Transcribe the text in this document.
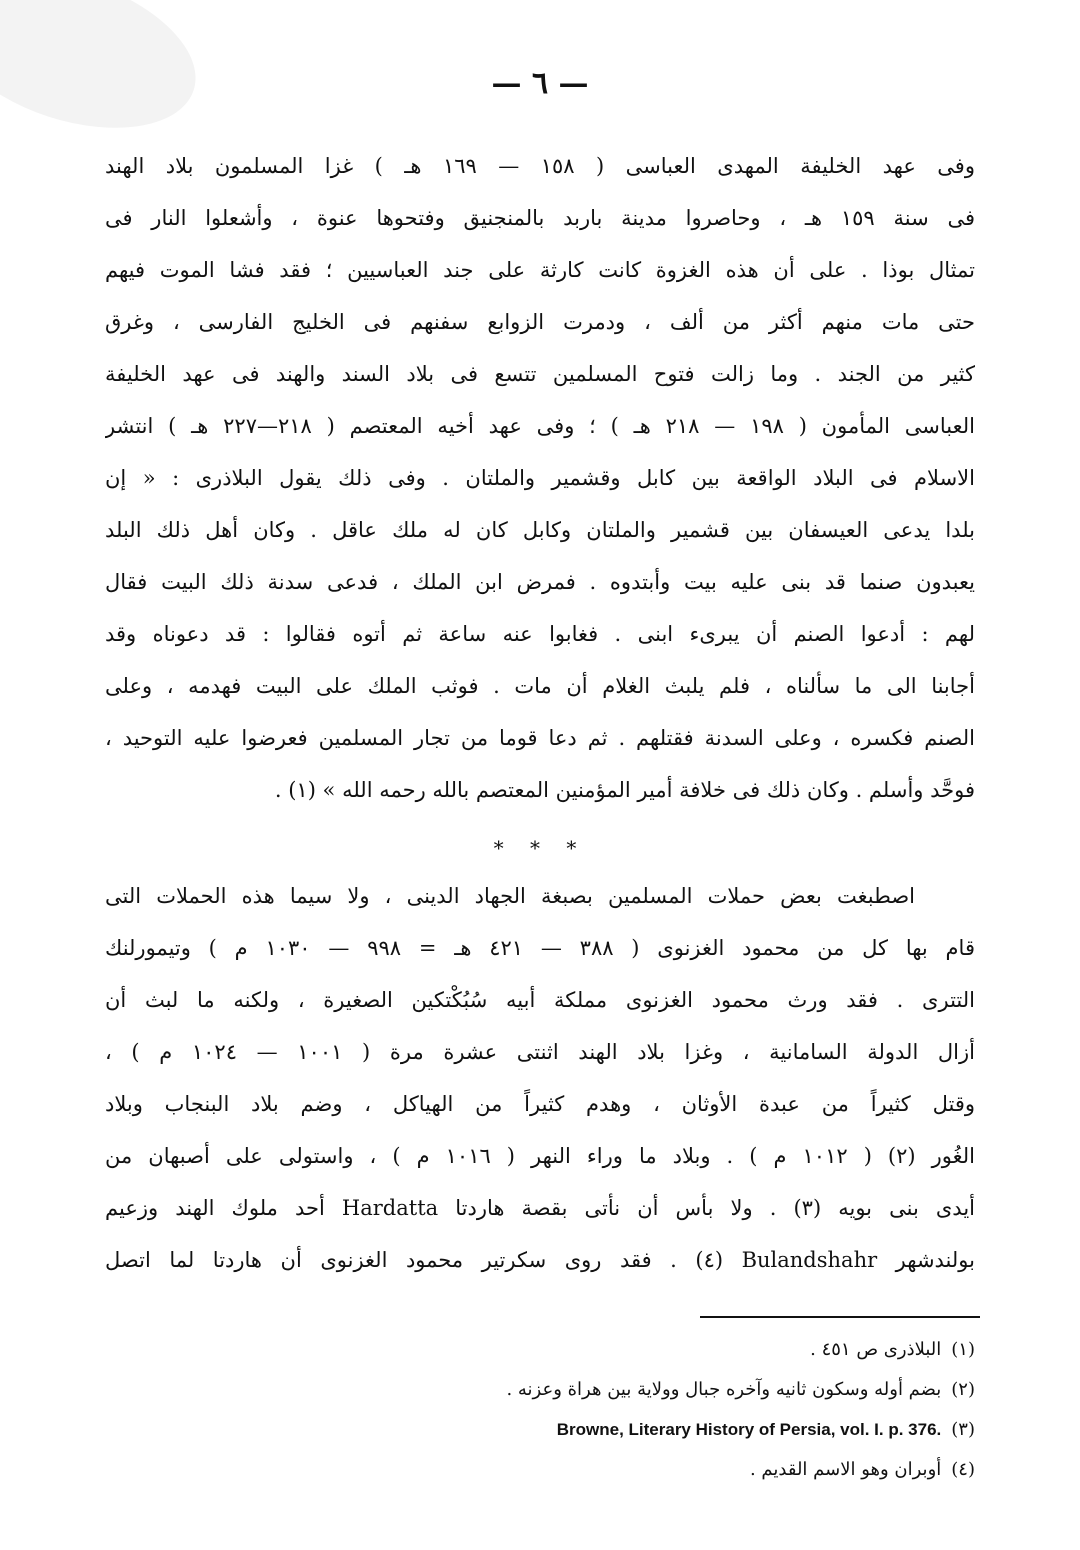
— ٦ —
وفى عهد الخليفة المهدى العباسى ( ١٥٨ — ١٦٩ هـ ) غزا المسلمون بلاد الهند
فى سنة ١٥٩ هـ ، وحاصروا مدينة باربد بالمنجنيق وفتحوها عنوة ، وأشعلوا النار فى
تمثال بوذا . على أن هذه الغزوة كانت كارثة على جند العباسيين ؛ فقد فشا الموت فيهم
حتى مات منهم أكثر من ألف ، ودمرت الزوابع سفنهم فى الخليج الفارسى ، وغرق
كثير من الجند . وما زالت فتوح المسلمين تتسع فى بلاد السند والهند فى عهد الخليفة
العباسى المأمون ( ١٩٨ — ٢١٨ هـ ) ؛ وفى عهد أخيه المعتصم ( ٢١٨—٢٢٧ هـ ) انتشر
الاسلام فى البلاد الواقعة بين كابل وقشمير والملتان . وفى ذلك يقول البلاذرى : « إن
بلدا يدعى العيسفان بين قشمير والملتان وكابل كان له ملك عاقل . وكان أهل ذلك البلد
يعبدون صنما قد بنى عليه بيت وأبتدوه . فمرض ابن الملك ، فدعى سدنة ذلك البيت فقال
لهم : أدعوا الصنم أن يبرىء ابنى . فغابوا عنه ساعة ثم أتوه فقالوا : قد دعوناه وقد
أجابنا الى ما سألناه ، فلم يلبث الغلام أن مات . فوثب الملك على البيت فهدمه ، وعلى
الصنم فكسره ، وعلى السدنة فقتلهم . ثم دعا قوما من تجار المسلمين فعرضوا عليه التوحيد ،
فوحَّد وأسلم . وكان ذلك فى خلافة أمير المؤمنين المعتصم بالله رحمه الله » (١) .
* * *
اصطبغت بعض حملات المسلمين بصبغة الجهاد الدينى ، ولا سيما هذه الحملات التى
قام بها كل من محمود الغزنوى ( ٣٨٨ — ٤٢١ هـ = ٩٩٨ — ١٠٣٠ م ) وتيمورلنك
التترى . فقد ورث محمود الغزنوى مملكة أبيه سُبُكْتكين الصغيرة ، ولكنه ما لبث أن
أزال الدولة السامانية ، وغزا بلاد الهند اثنتى عشرة مرة ( ١٠٠١ — ١٠٢٤ م ) ،
وقتل كثيراً من عبدة الأوثان ، وهدم كثيراً من الهياكل ، وضم بلاد البنجاب وبلاد
الغُور (٢) ( ١٠١٢ م ) . وبلاد ما وراء النهر ( ١٠١٦ م ) ، واستولى على أصبهان من
أيدى بنى بويه (٣) . ولا بأس أن نأتى بقصة هاردتا Hardatta أحد ملوك الهند وزعيم
بولندشهر Bulandshahr (٤) . فقد روى سكرتير محمود الغزنوى أن هاردتا لما اتصل
(١)البلاذرى ص ٤٥١ .
(٢)بضم أوله وسكون ثانيه وآخره جبال وولاية بين هراة وعزنه .
(٣)Browne, Literary History of Persia, vol. I. p. 376.
(٤)أوبران وهو الاسم القديم .
